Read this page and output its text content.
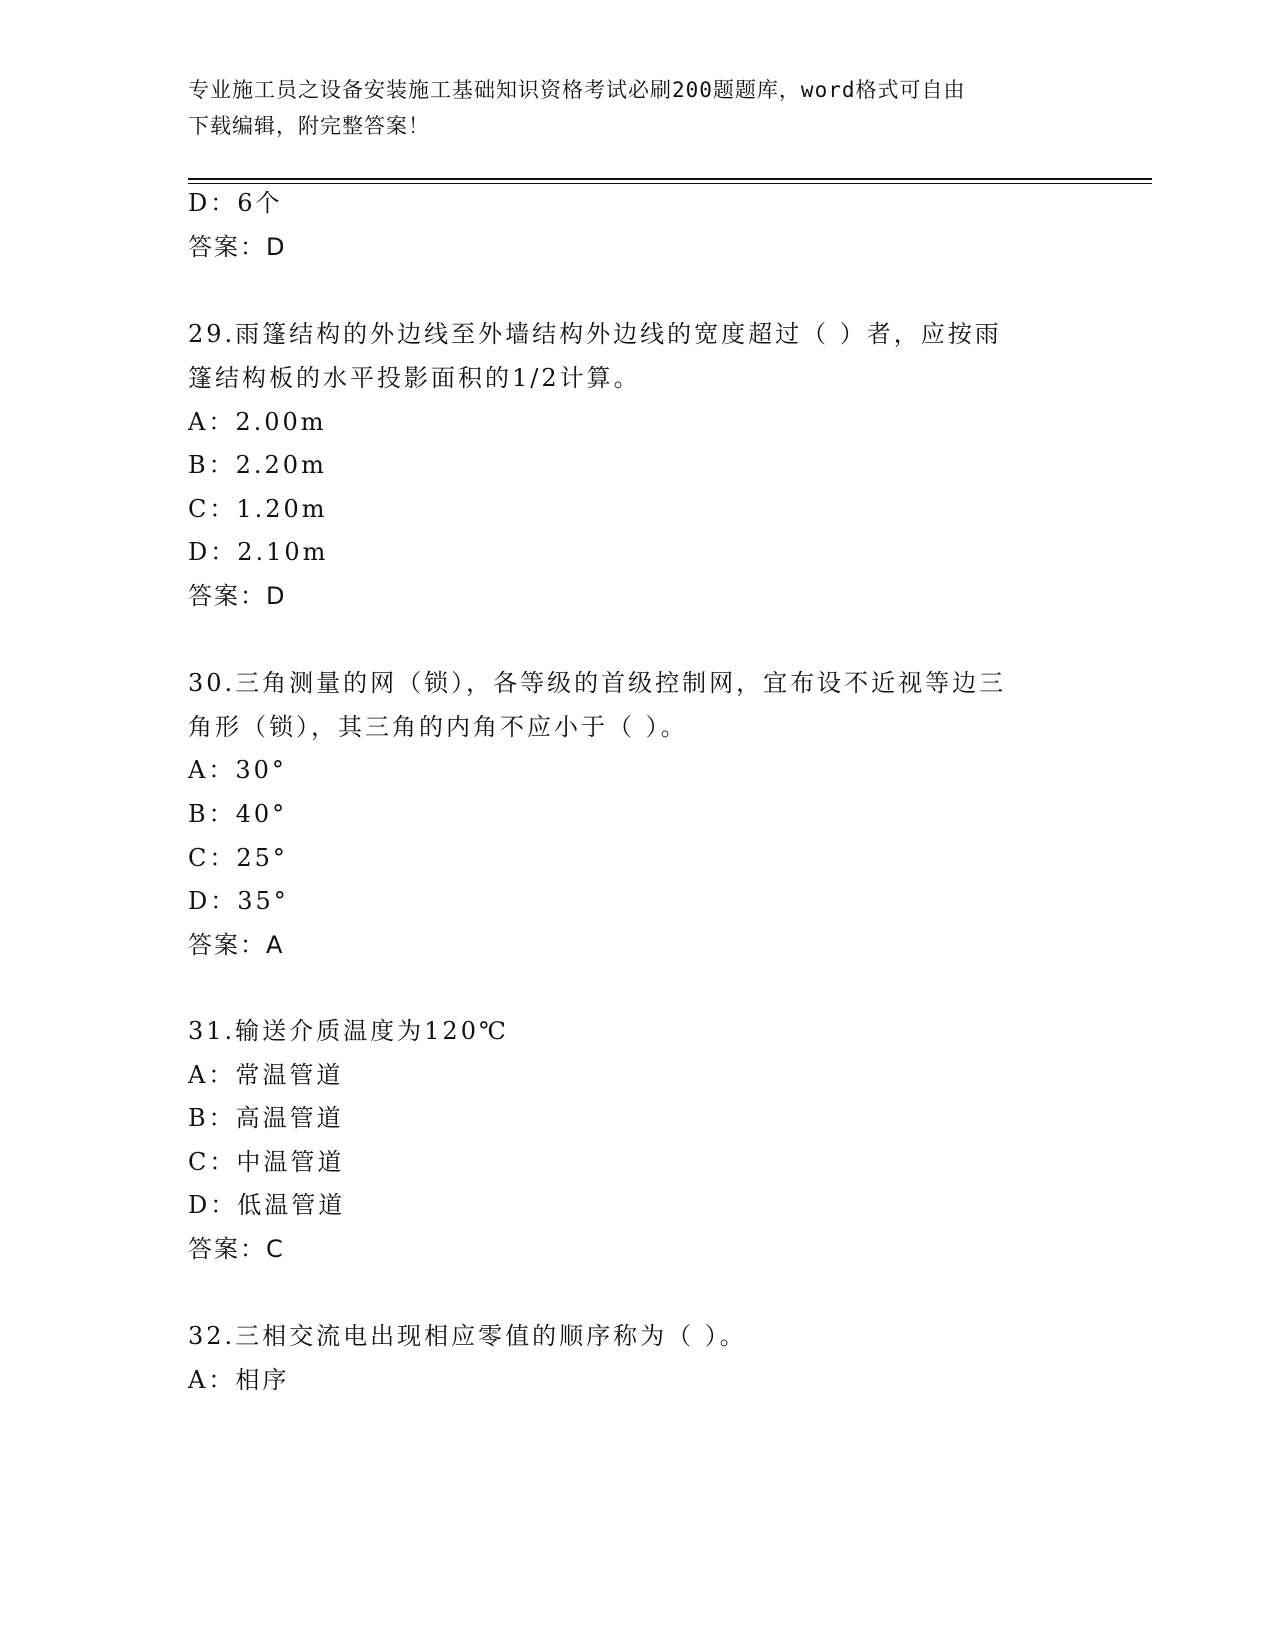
专业施工员之设备安装施工基础知识资格考试必刷200题题库，word格式可自由
下载编辑，附完整答案！
D：6个
答案：D
29.雨篷结构的外边线至外墙结构外边线的宽度超过（ ）者，应按雨
篷结构板的水平投影面积的1/2计算。
A：2.00m
B：2.20m
C：1.20m
D：2.10m
答案：D
30.三角测量的网（锁），各等级的首级控制网，宜布设不近视等边三
角形（锁），其三角的内角不应小于（ ）。
A：30°
B：40°
C：25°
D：35°
答案：A
31.输送介质温度为120℃
A：常温管道
B：高温管道
C：中温管道
D：低温管道
答案：C
32.三相交流电出现相应零值的顺序称为（ ）。
A：相序
